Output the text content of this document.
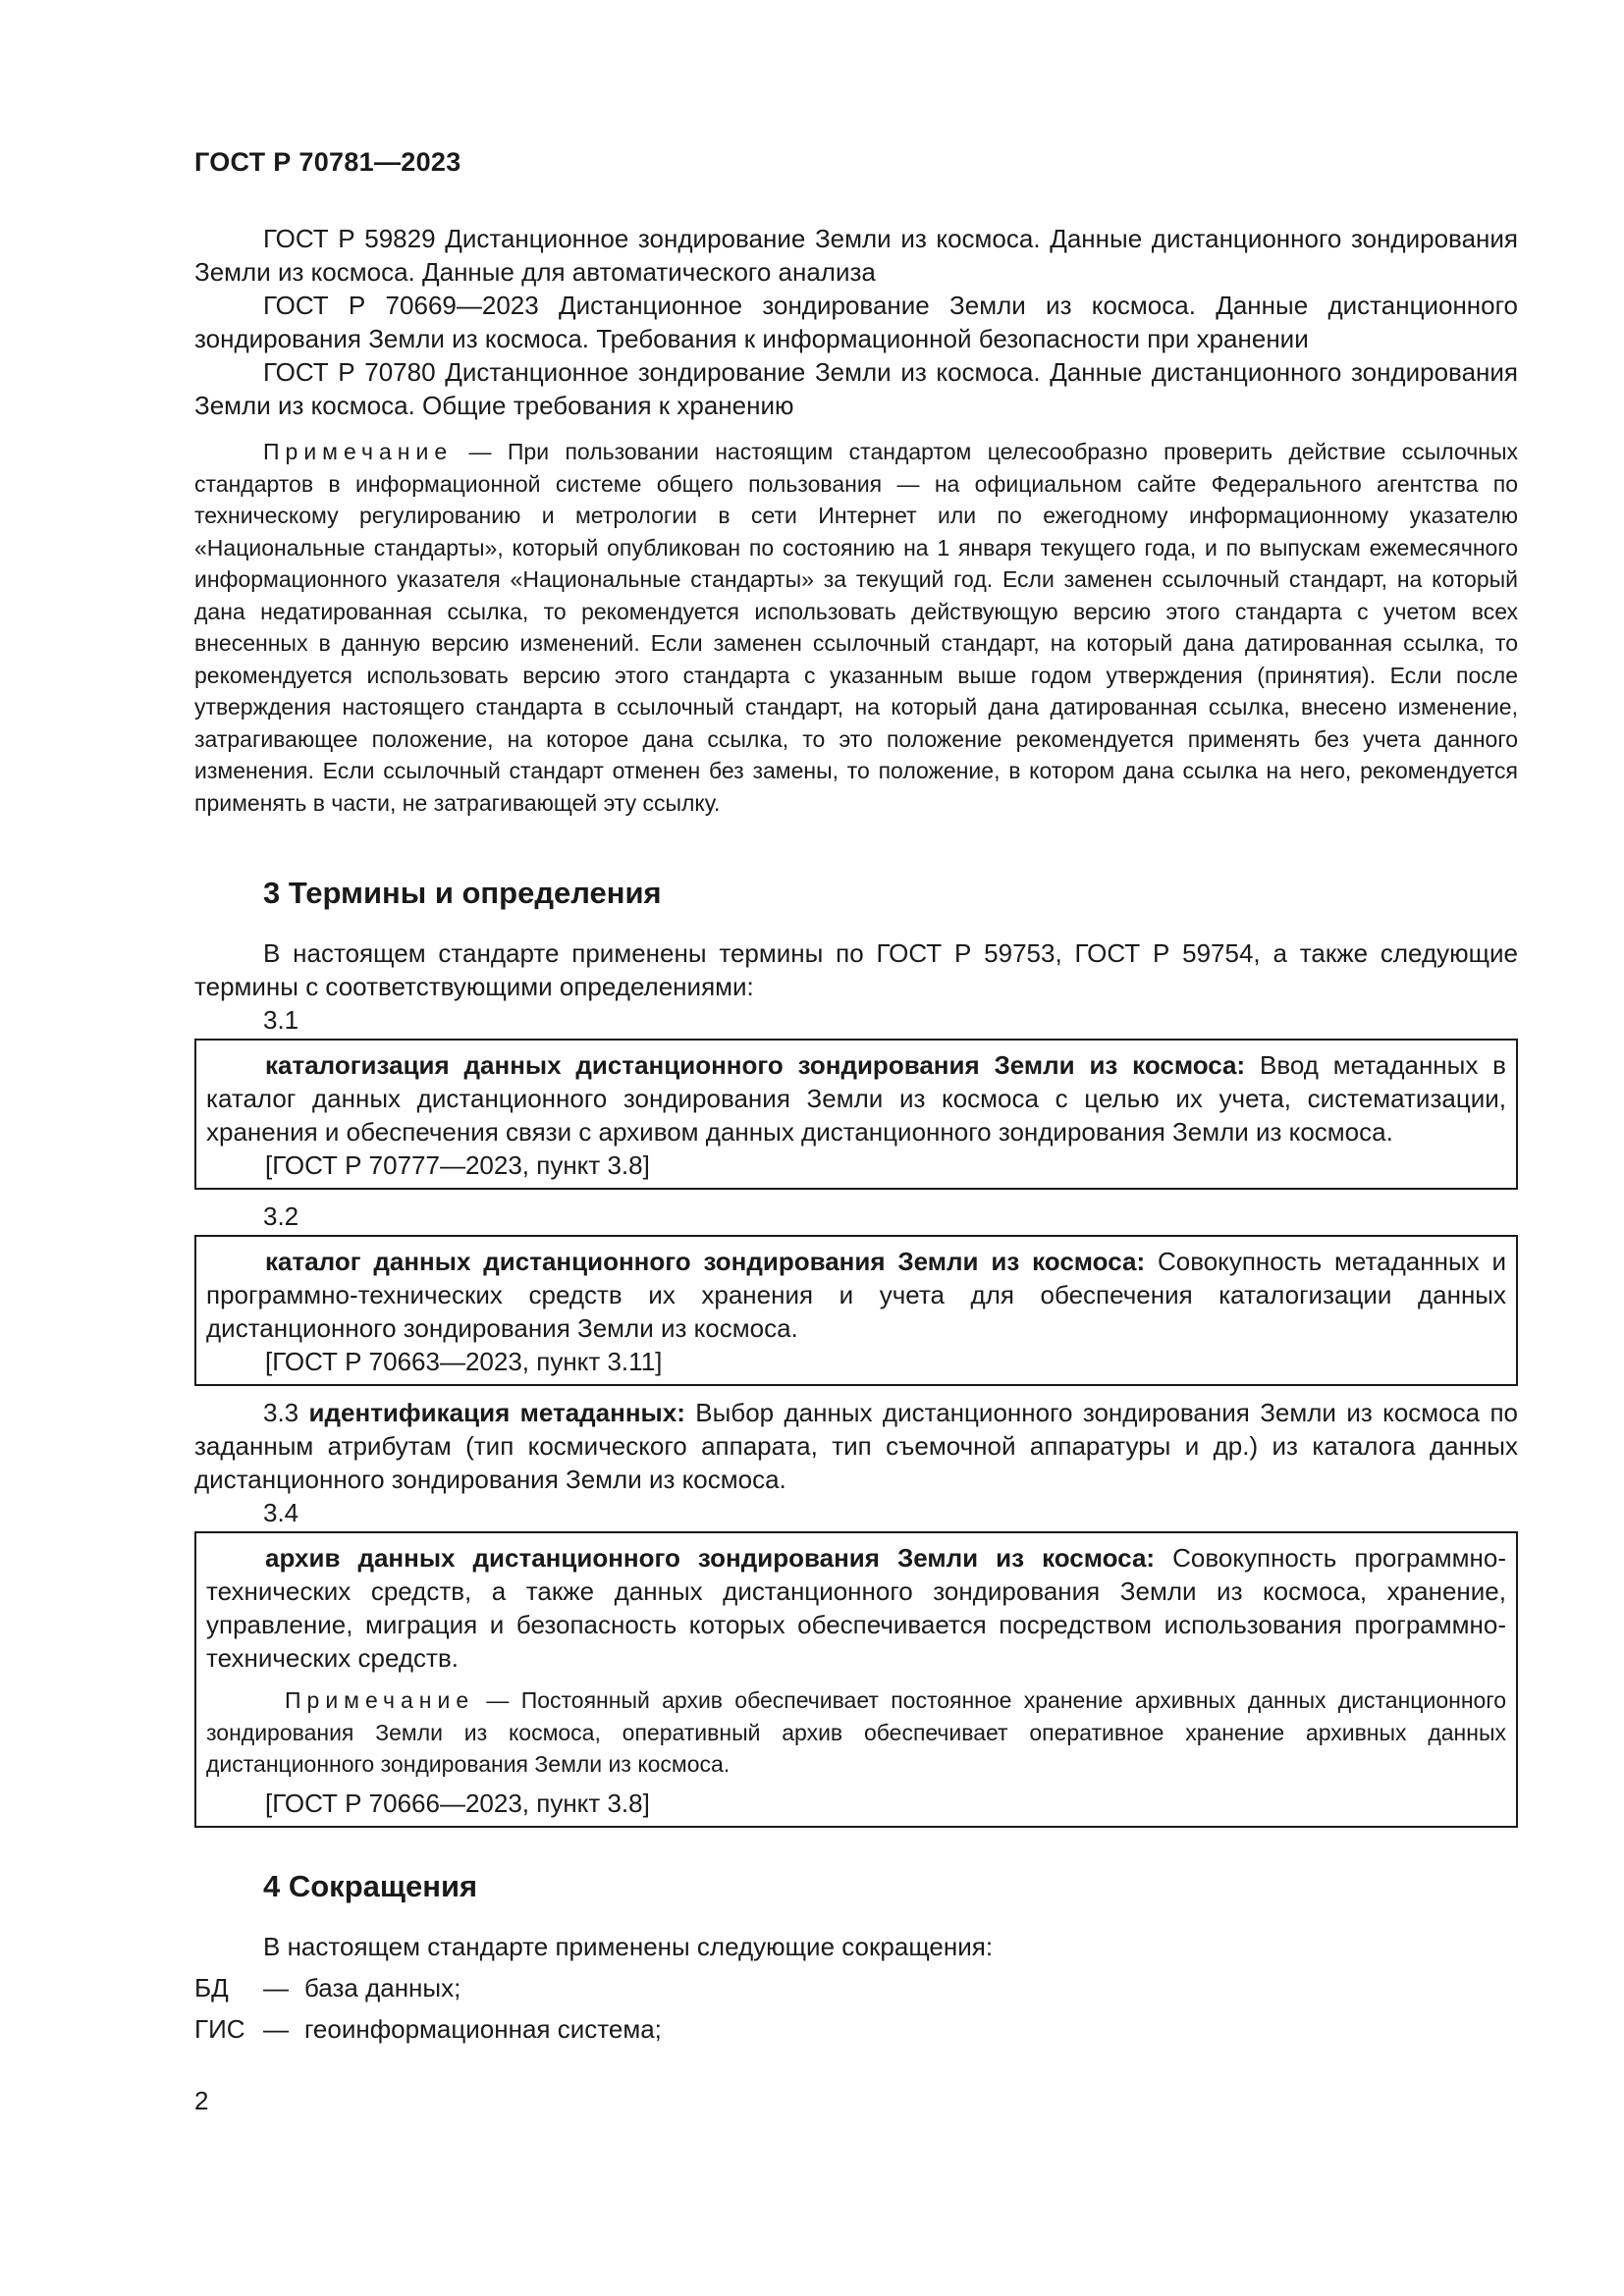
ГОСТ Р 70781—2023

ГОСТ Р 59829 Дистанционное зондирование Земли из космоса. Данные дистанционного зондирования Земли из космоса. Данные для автоматического анализа

ГОСТ Р 70669—2023 Дистанционное зондирование Земли из космоса. Данные дистанционного зондирования Земли из космоса. Требования к информационной безопасности при хранении

ГОСТ Р 70780 Дистанционное зондирование Земли из космоса. Данные дистанционного зондирования Земли из космоса. Общие требования к хранению

Примечание — При пользовании настоящим стандартом целесообразно проверить действие ссылочных стандартов в информационной системе общего пользования — на официальном сайте Федерального агентства по техническому регулированию и метрологии в сети Интернет или по ежегодному информационному указателю «Национальные стандарты», который опубликован по состоянию на 1 января текущего года, и по выпускам ежемесячного информационного указателя «Национальные стандарты» за текущий год. Если заменен ссылочный стандарт, на который дана недатированная ссылка, то рекомендуется использовать действующую версию этого стандарта с учетом всех внесенных в данную версию изменений. Если заменен ссылочный стандарт, на который дана датированная ссылка, то рекомендуется использовать версию этого стандарта с указанным выше годом утверждения (принятия). Если после утверждения настоящего стандарта в ссылочный стандарт, на который дана датированная ссылка, внесено изменение, затрагивающее положение, на которое дана ссылка, то это положение рекомендуется применять без учета данного изменения. Если ссылочный стандарт отменен без замены, то положение, в котором дана ссылка на него, рекомендуется применять в части, не затрагивающей эту ссылку.

3 Термины и определения

В настоящем стандарте применены термины по ГОСТ Р 59753, ГОСТ Р 59754, а также следующие термины с соответствующими определениями:

3.1

каталогизация данных дистанционного зондирования Земли из космоса: Ввод метаданных в каталог данных дистанционного зондирования Земли из космоса с целью их учета, систематизации, хранения и обеспечения связи с архивом данных дистанционного зондирования Земли из космоса.

[ГОСТ Р 70777—2023, пункт 3.8]
3.2

каталог данных дистанционного зондирования Земли из космоса: Совокупность метаданных и программно-технических средств их хранения и учета для обеспечения каталогизации данных дистанционного зондирования Земли из космоса.

[ГОСТ Р 70663—2023, пункт 3.11]

3.3 идентификация метаданных: Выбор данных дистанционного зондирования Земли из космоса по заданным атрибутам (тип космического аппарата, тип съемочной аппаратуры и др.) из каталога данных дистанционного зондирования Земли из космоса.

3.4

архив данных дистанционного зондирования Земли из космоса: Совокупность программно-технических средств, а также данных дистанционного зондирования Земли из космоса, хранение, управление, миграция и безопасность которых обеспечивается посредством использования программно-технических средств.

Примечание — Постоянный архив обеспечивает постоянное хранение архивных данных дистанционного зондирования Земли из космоса, оперативный архив обеспечивает оперативное хранение архивных данных дистанционного зондирования Земли из космоса.

[ГОСТ Р 70666—2023, пункт 3.8]
4 Сокращения

В настоящем стандарте применены следующие сокращения:

БД	— база данных;
ГИС — геоинформационная система;
2
